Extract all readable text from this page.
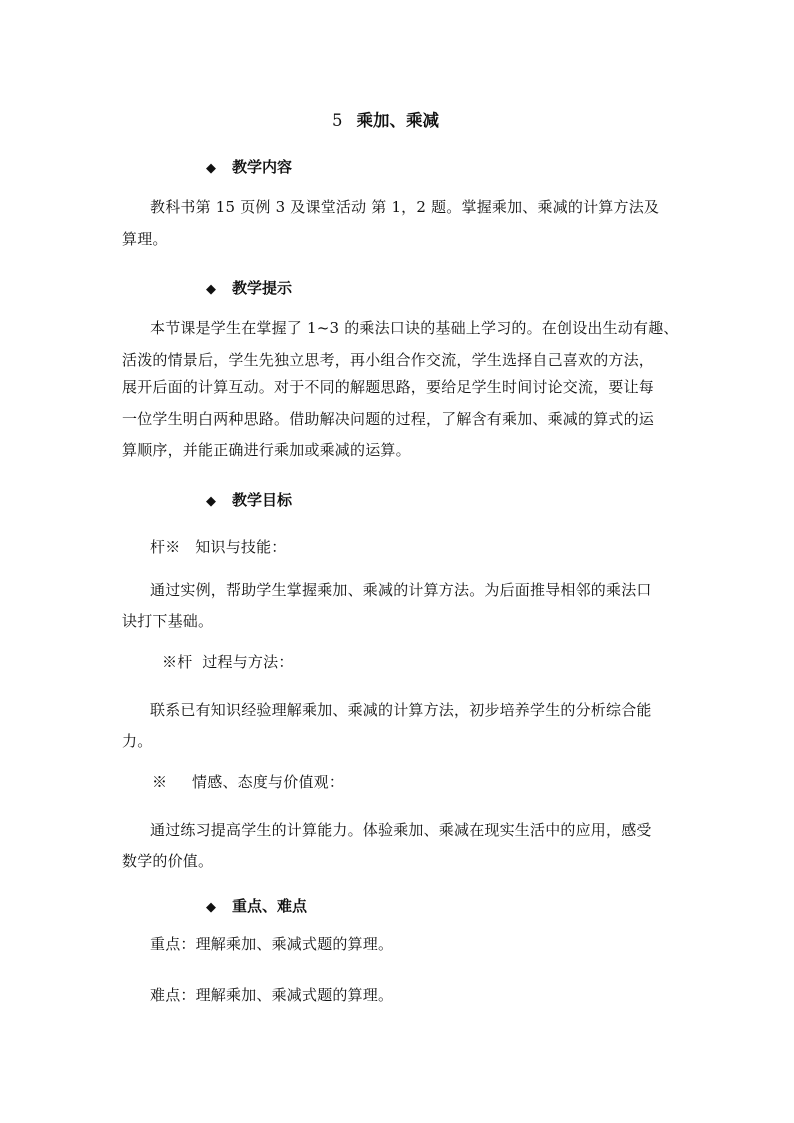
5 乘加、乘减
◆ 教学内容
教科书第 15 页例 3 及课堂活动 第 1，2 题。掌握乘加、乘减的计算方法及
算理。
◆ 教学提示
本节课是学生在掌握了 1~3 的乘法口诀的基础上学习的。在创设出生动有趣、
活泼的情景后，学生先独立思考，再小组合作交流，学生选择自己喜欢的方法，
展开后面的计算互动。对于不同的解题思路，要给足学生时间讨论交流，要让每
一位学生明白两种思路。借助解决问题的过程，了解含有乘加、乘减的算式的运
算顺序，并能正确进行乘加或乘减的运算。
◆ 教学目标
杆※   知识与技能：
通过实例，帮助学生掌握乘加、乘减的计算方法。为后面推导相邻的乘法口
诀打下基础。
※杆  过程与方法：
联系已有知识经验理解乘加、乘减的计算方法，初步培养学生的分析综合能
力。
※     情感、态度与价值观：
通过练习提高学生的计算能力。体验乘加、乘减在现实生活中的应用，感受
数学的价值。
◆ 重点、难点
重点：理解乘加、乘减式题的算理。
难点：理解乘加、乘减式题的算理。
